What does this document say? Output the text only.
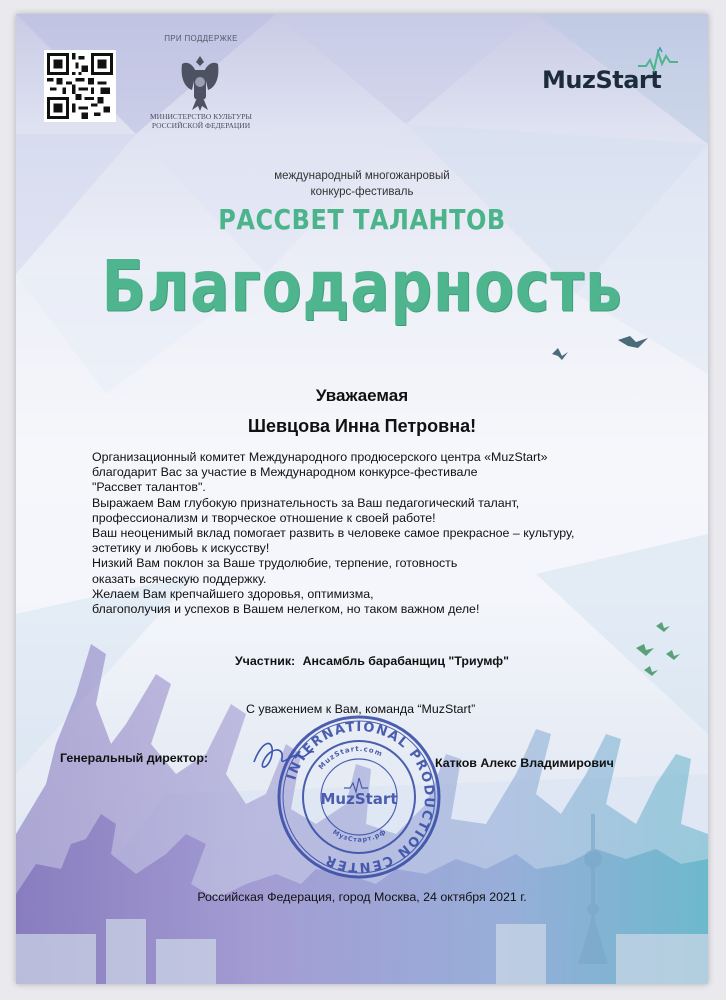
ПРИ ПОДДЕРЖКЕ
МИНИСТЕРСТВО КУЛЬТУРЫ
РОССИЙСКОЙ ФЕДЕРАЦИИ
MuzStart
международный многожанровый
конкурс-фестиваль
РАССВЕТ ТАЛАНТОВ
Благодарность
Уважаемая
Шевцова Инна Петровна!
Организационный комитет Международного продюсерского центра «MuzStart»
благодарит Вас за участие в Международном конкурсе-фестивале
"Рассвет талантов".
Выражаем Вам глубокую признательность за Ваш педагогический талант,
профессионализм и творческое отношение к своей работе!
Ваш неоценимый вклад помогает развить в человеке самое прекрасное – культуру,
эстетику и любовь к искусству!
Низкий Вам поклон за Ваше трудолюбие, терпение, готовность
оказать всяческую поддержку.
Желаем Вам крепчайшего здоровья, оптимизма,
благополучия и успехов в Вашем нелегком, но таком важном деле!
Участник: Ансамбль барабанщиц "Триумф"
С уважением к Вам, команда “MuzStart”
Генеральный директор:
INTERNATIONAL PRODUCTION CENTER
MuzStart.com
МузСтарт.рф
MuzStart
Катков Алекс Владимирович
Российская Федерация, город Москва, 24 октября 2021 г.
